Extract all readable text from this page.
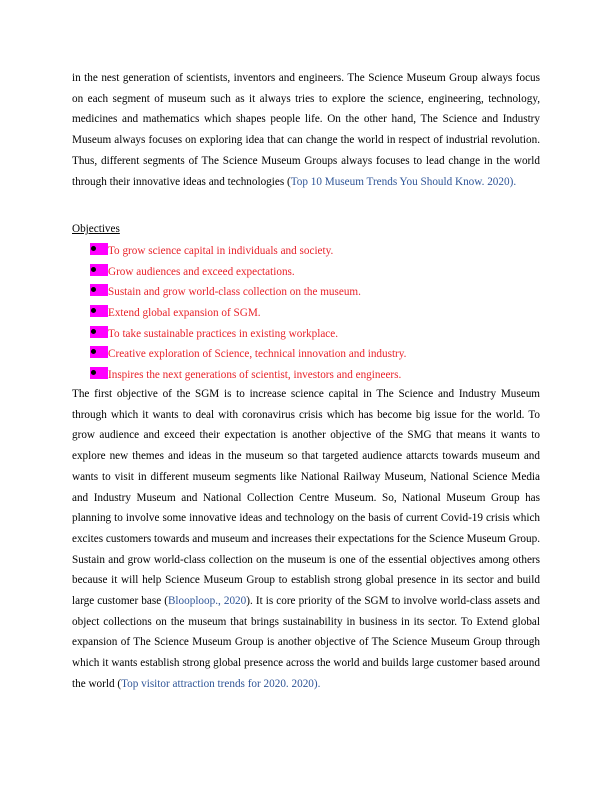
in the nest generation of scientists, inventors and engineers. The Science Museum Group always focus on each segment of museum such as it always tries to explore the science, engineering, technology, medicines and mathematics which shapes people life. On the other hand, The Science and Industry Museum always focuses on exploring idea that can change the world in respect of industrial revolution. Thus, different segments of The Science Museum Groups always focuses to lead change in the world through their innovative ideas and technologies (Top 10 Museum Trends You Should Know. 2020).

Objectives
To grow science capital in individuals and society.
Grow audiences and exceed expectations.
Sustain and grow world-class collection on the museum.
Extend global expansion of SGM.
To take sustainable practices in existing workplace.
Creative exploration of Science, technical innovation and industry.
Inspires the next generations of scientist, investors and engineers.

The first objective of the SGM is to increase science capital in The Science and Industry Museum through which it wants to deal with coronavirus crisis which has become big issue for the world. To grow audience and exceed their expectation is another objective of the SMG that means it wants to explore new themes and ideas in the museum so that targeted audience attarcts towards museum and wants to visit in different museum segments like National Railway Museum, National Science Media and Industry Museum and National Collection Centre Museum. So, National Museum Group has planning to involve some innovative ideas and technology on the basis of current Covid-19 crisis which excites customers towards and museum and increases their expectations for the Science Museum Group. Sustain and grow world-class collection on the museum is one of the essential objectives among others because it will help Science Museum Group to establish strong global presence in its sector and build large customer base (Blooploop., 2020). It is core priority of the SGM to involve world-class assets and object collections on the museum that brings sustainability in business in its sector. To Extend global expansion of The Science Museum Group is another objective of The Science Museum Group through which it wants establish strong global presence across the world and builds large customer based around the world (Top visitor attraction trends for 2020. 2020).
